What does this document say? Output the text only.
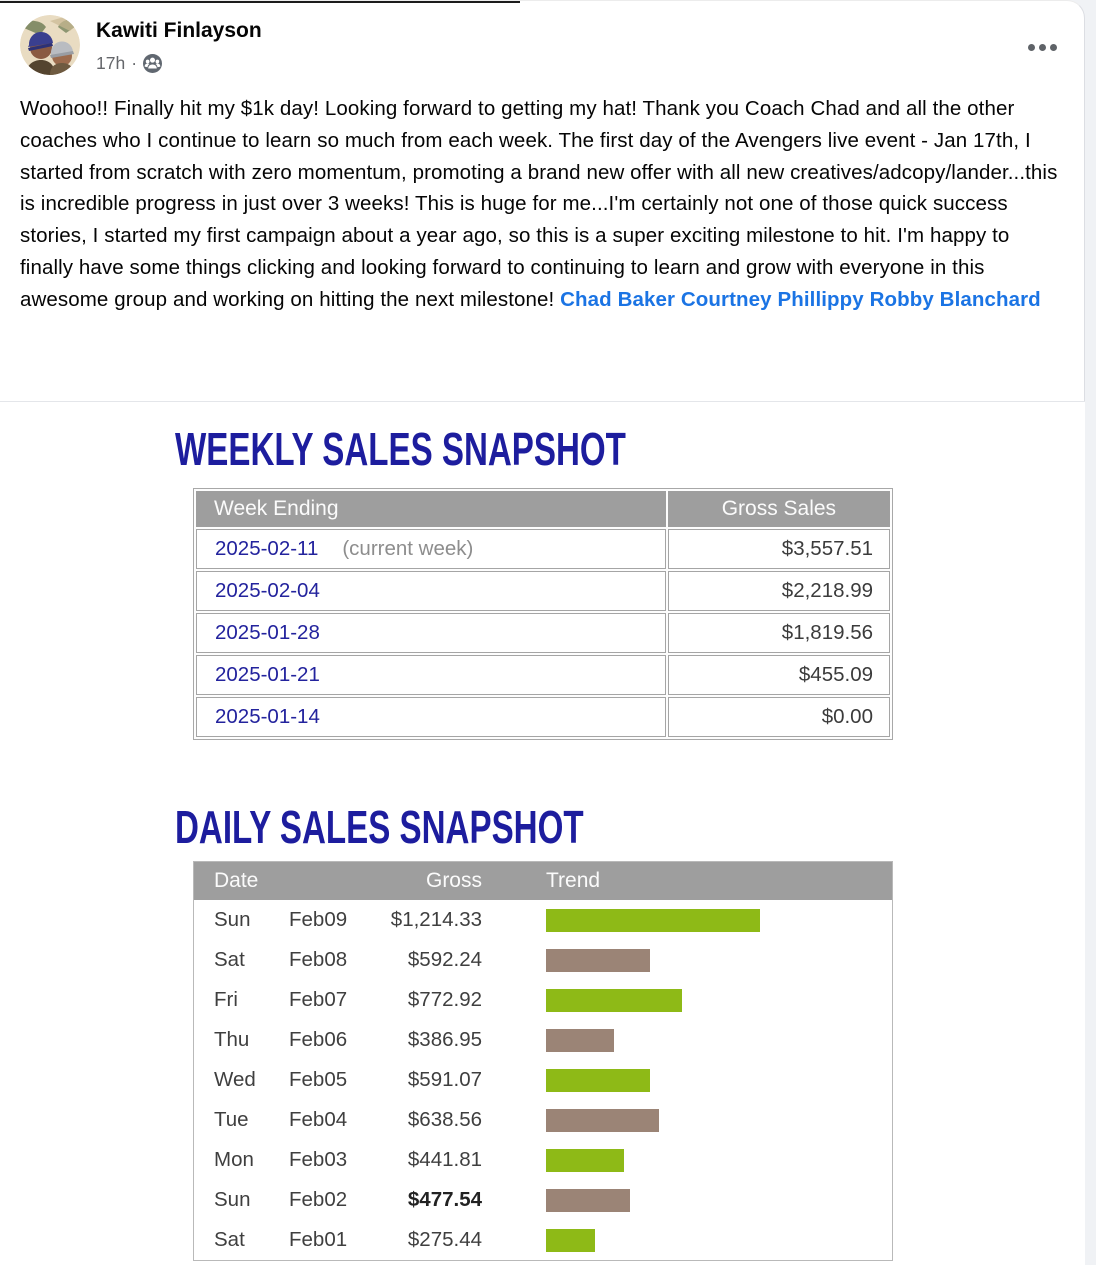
Kawiti Finlayson
17h ·
Woohoo!! Finally hit my $1k day! Looking forward to getting my hat! Thank you Coach Chad and all the other coaches who I continue to learn so much from each week. The first day of the Avengers live event - Jan 17th, I started from scratch with zero momentum, promoting a brand new offer with all new creatives/adcopy/lander...this is incredible progress in just over 3 weeks! This is huge for me...I'm certainly not one of those quick success stories, I started my first campaign about a year ago, so this is a super exciting milestone to hit. I'm happy to finally have some things clicking and looking forward to continuing to learn and grow with everyone in this awesome group and working on hitting the next milestone! Chad Baker Courtney Phillippy Robby Blanchard
WEEKLY SALES SNAPSHOT
Week Ending	Gross Sales
2025-02-11 (current week)	$3,557.51
2025-02-04	$2,218.99
2025-01-28	$1,819.56
2025-01-21	$455.09
2025-01-14	$0.00
DAILY SALES SNAPSHOT
Date	Gross	Trend
Sun	Feb09	$1,214.33
Sat	Feb08	$592.24
Fri	Feb07	$772.92
Thu	Feb06	$386.95
Wed	Feb05	$591.07
Tue	Feb04	$638.56
Mon	Feb03	$441.81
Sun	Feb02	$477.54
Sat	Feb01	$275.44
